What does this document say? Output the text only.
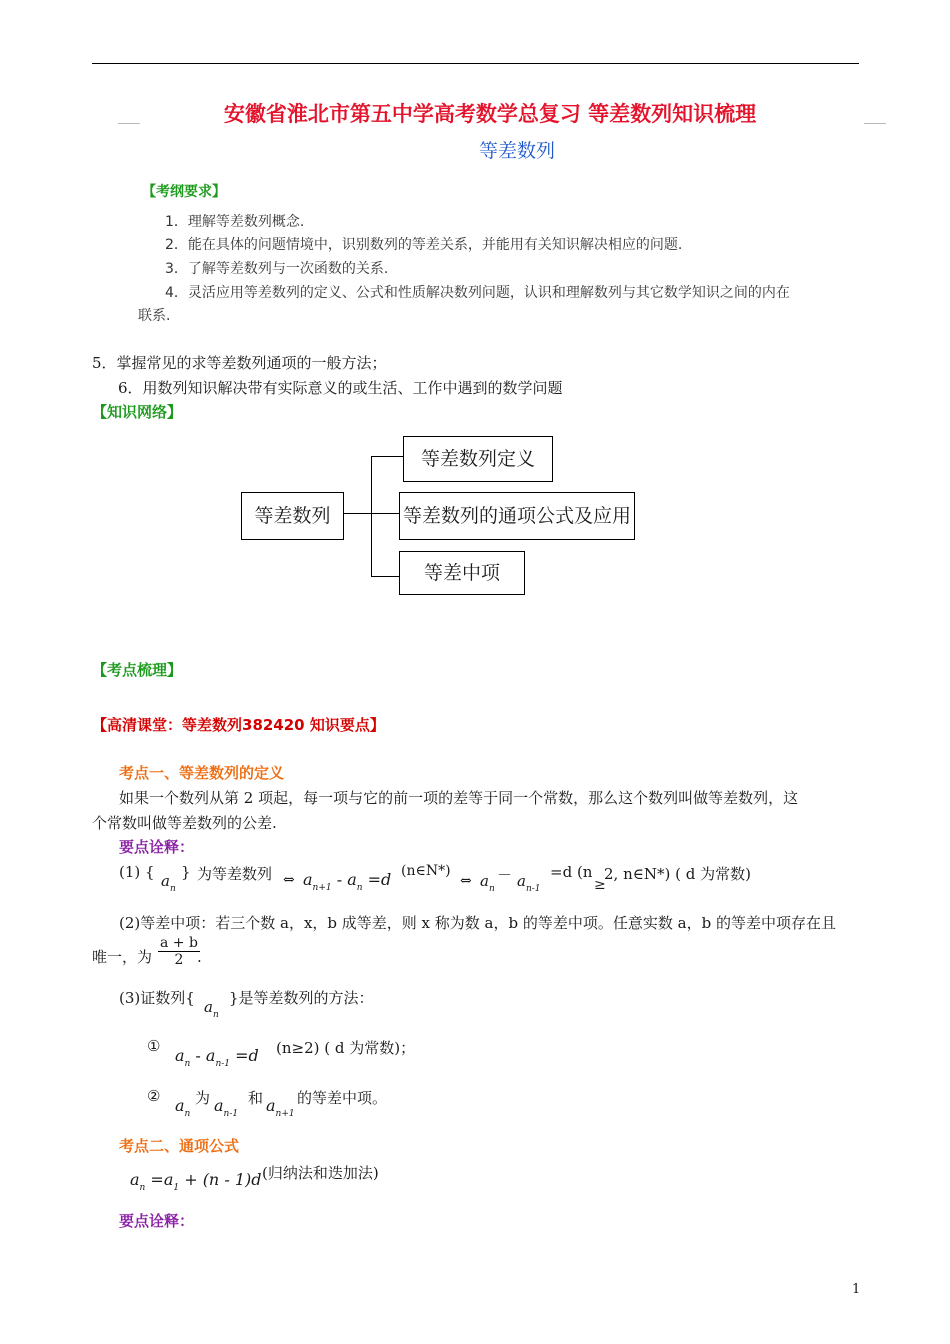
安徽省淮北市第五中学高考数学总复习 等差数列知识梳理
等差数列
【考纲要求】
1．理解等差数列概念.
2．能在具体的问题情境中，识别数列的等差关系，并能用有关知识解决相应的问题.
3．了解等差数列与一次函数的关系.
4．灵活应用等差数列的定义、公式和性质解决数列问题，认识和理解数列与其它数学知识之间的内在
联系.
5．掌握常见的求等差数列通项的一般方法；
6．用数列知识解决带有实际意义的或生活、工作中遇到的数学问题
【知识网络】
等差数列
等差数列定义
等差数列的通项公式及应用
等差中项
【考点梳理】
【高清课堂：等差数列382420 知识要点】
考点一、等差数列的定义
如果一个数列从第 2 项起，每一项与它的前一项的差等于同一个常数，那么这个数列叫做等差数列，这
个常数叫做等差数列的公差.
要点诠释：
(1) { $a_n$
} 为等差数列 ⇔ $a_{n+1} - a_n =d$ (n∈N*)
⇔ $a_n$
－ $a_{n-1}$
=d (n
≥
2, n∈N*) ( d 为常数)
(2)等差中项：若三个数 a，x，b 成等差，则 x 称为数 a，b 的等差中项。任意实数 a，b 的等差中项存在且
唯一，为 $\frac{a + b}{2}$
.
(3)证数列{ $a_n$
}是等差数列的方法：
① $a_n - a_{n-1} =d$ (n≥2) ( d 为常数)；
② $a_n$
为 $a_{n-1}$
和 $a_{n+1}$
的等差中项。
考点二、通项公式
$a_n =a_1 + (n - 1)d$ (归纳法和迭加法)
要点诠释：
1
